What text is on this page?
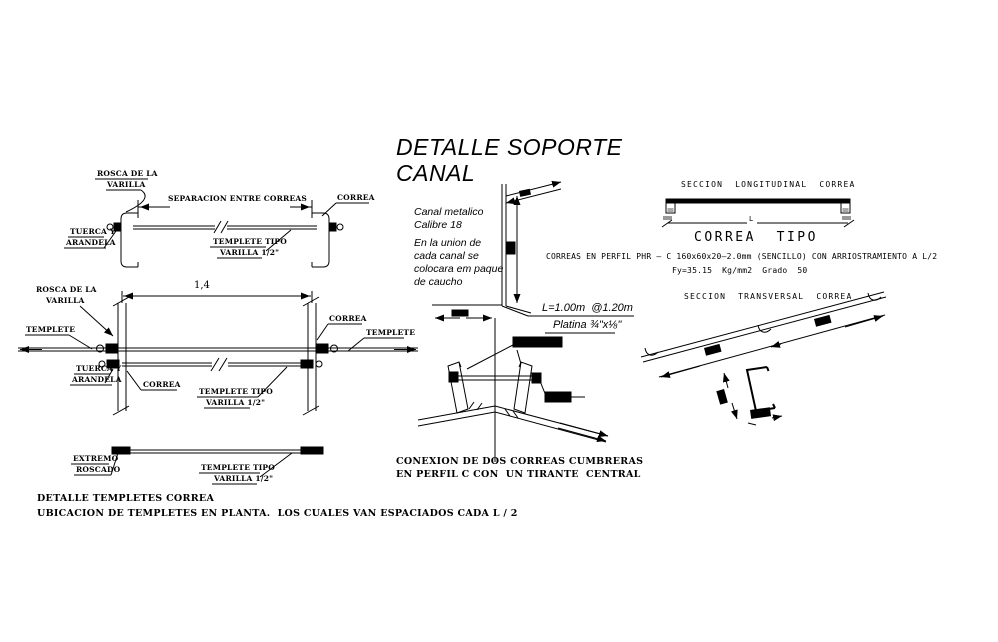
DETALLE SOPORTE
CANAL
ROSCA DE LA
VARILLA
SEPARACION ENTRE CORREAS	CORREA
TUERCA Y
ARANDELA	TEMPLETE TIPO
VARILLA 1/2"
1,4
ROSCA DE LA
VARILLA
TEMPLETE
CORREA
TEMPLETE
TUERCA Y
ARANDELA
CORREA
TEMPLETE TIPO
VARILLA 1/2"
EXTREMO
ROSCADO	TEMPLETE TIPO
VARILLA 1/2"
DETALLE TEMPLETES CORREA
UBICACION DE TEMPLETES EN PLANTA.  LOS CUALES VAN ESPACIADOS CADA L / 2
Canal metalico
Calibre 18
En la union de
cada canal se
colocara em paque
de caucho
L=1.00m  @1.20m
Platina ¾"x⅛"
CONEXION DE DOS CORREAS CUMBRERAS
EN PERFIL C CON  UN TIRANTE  CENTRAL
SECCION  LONGITUDINAL  CORREA
L
CORREA  TIPO
CORREAS EN PERFIL PHR – C 160x60x20–2.0mm (SENCILLO) CON ARRIOSTRAMIENTO A L/2
Fy=35.15  Kg/mm2  Grado  50
SECCION  TRANSVERSAL  CORREA
